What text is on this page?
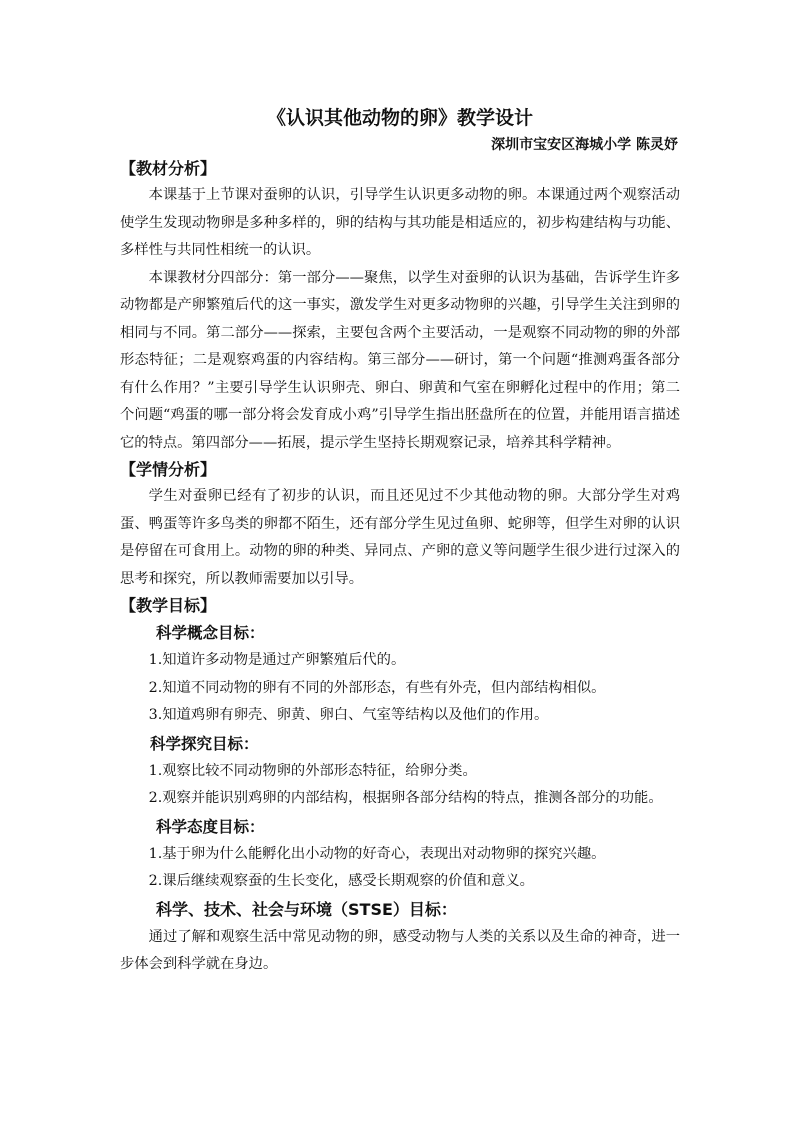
《认识其他动物的卵》教学设计

深圳市宝安区海城小学 陈灵妤

【教材分析】

本课基于上节课对蚕卵的认识，引导学生认识更多动物的卵。本课通过两个观察活动使学生发现动物卵是多种多样的，卵的结构与其功能是相适应的，初步构建结构与功能、多样性与共同性相统一的认识。

本课教材分四部分：第一部分——聚焦，以学生对蚕卵的认识为基础，告诉学生许多动物都是产卵繁殖后代的这一事实，激发学生对更多动物卵的兴趣，引导学生关注到卵的相同与不同。第二部分——探索，主要包含两个主要活动，一是观察不同动物的卵的外部形态特征；二是观察鸡蛋的内容结构。第三部分——研讨，第一个问题“推测鸡蛋各部分有什么作用？”主要引导学生认识卵壳、卵白、卵黄和气室在卵孵化过程中的作用；第二个问题“鸡蛋的哪一部分将会发育成小鸡”引导学生指出胚盘所在的位置，并能用语言描述它的特点。第四部分——拓展，提示学生坚持长期观察记录，培养其科学精神。

【学情分析】

学生对蚕卵已经有了初步的认识，而且还见过不少其他动物的卵。大部分学生对鸡蛋、鸭蛋等许多鸟类的卵都不陌生，还有部分学生见过鱼卵、蛇卵等，但学生对卵的认识是停留在可食用上。动物的卵的种类、异同点、产卵的意义等问题学生很少进行过深入的思考和探究，所以教师需要加以引导。

【教学目标】
科学概念目标：

1.知道许多动物是通过产卵繁殖后代的。

2.知道不同动物的卵有不同的外部形态，有些有外壳，但内部结构相似。

3.知道鸡卵有卵壳、卵黄、卵白、气室等结构以及他们的作用。

科学探究目标：

1.观察比较不同动物卵的外部形态特征，给卵分类。

2.观察并能识别鸡卵的内部结构，根据卵各部分结构的特点，推测各部分的功能。

科学态度目标：

1.基于卵为什么能孵化出小动物的好奇心，表现出对动物卵的探究兴趣。

2.课后继续观察蚕的生长变化，感受长期观察的价值和意义。

科学、技术、社会与环境（STSE）目标：

通过了解和观察生活中常见动物的卵，感受动物与人类的关系以及生命的神奇，进一步体会到科学就在身边。
